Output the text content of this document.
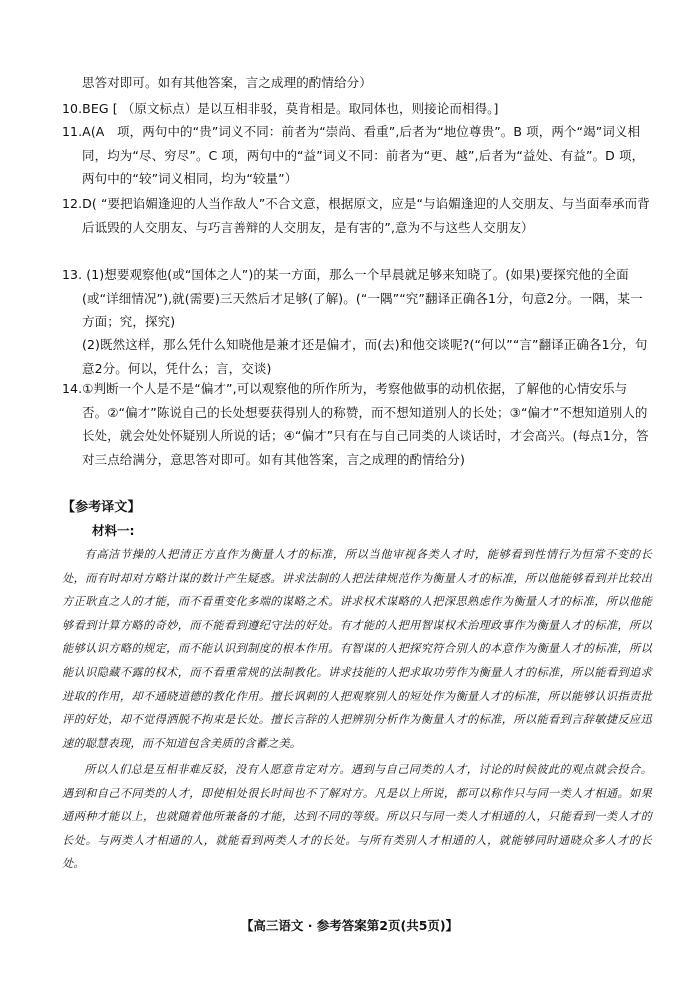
思答对即可。如有其他答案，言之成理的酌情给分）

10.BEG [ （原文标点）是以互相非驳，莫肯相是。取同体也，则接论而相得。]

11.A(A　项，两句中的“贵”词义不同：前者为“崇尚、看重”,后者为“地位尊贵”。B 项，两个“竭”词义相同，均为“尽、穷尽”。C 项，两句中的“益”词义不同：前者为“更、越”,后者为“益处、有益”。D 项，两句中的“较”词义相同，均为“较量”）

12.D( “要把谄媚逢迎的人当作敌人”不合文意，根据原文，应是“与谄媚逢迎的人交朋友、与当面奉承而背后诋毁的人交朋友、与巧言善辩的人交朋友，是有害的”,意为不与这些人交朋友）

13. (1)想要观察他(或“国体之人”)的某一方面，那么一个早晨就足够来知晓了。(如果)要探究他的全面(或“详细情况”),就(需要)三天然后才足够(了解)。(“一隅”“究”翻译正确各1分，句意2分。一隅，某一方面；究，探究)

(2)既然这样，那么凭什么知晓他是兼才还是偏才，而(去)和他交谈呢?(“何以”“言”翻译正确各1分，句意2分。何以，凭什么；言，交谈)

14.①判断一个人是不是“偏才”,可以观察他的所作所为，考察他做事的动机依据，了解他的心情安乐与否。②“偏才”陈说自己的长处想要获得别人的称赞，而不想知道别人的长处；③“偏才”不想知道别人的长处，就会处处怀疑别人所说的话；④“偏才”只有在与自己同类的人谈话时，才会高兴。(每点1分，答对三点给满分，意思答对即可。如有其他答案，言之成理的酌情给分)

【参考译文】
材料一:

有高洁节操的人把清正方直作为衡量人才的标准，所以当他审视各类人才时，能够看到性情行为恒常不变的长处，而有时却对方略计谋的数计产生疑惑。讲求法制的人把法律规范作为衡量人才的标准，所以他能够看到并比较出方正耿直之人的才能，而不看重变化多端的谋略之术。讲求权术谋略的人把深思熟虑作为衡量人才的标准，所以他能够看到计算方略的奇妙，而不能看到遵纪守法的好处。有才能的人把用智谋权术治理政事作为衡量人才的标准，所以能够认识方略的规定，而不能认识到制度的根本作用。有智谋的人把探究符合别人的本意作为衡量人才的标准，所以能认识隐藏不露的权术，而不看重常规的法制教化。讲求技能的人把求取功劳作为衡量人才的标准，所以能看到追求进取的作用，却不通晓道德的教化作用。擅长讽刺的人把观察别人的短处作为衡量人才的标准，所以能够认识指责批评的好处，却不觉得洒脱不拘束是长处。擅长言辞的人把辨别分析作为衡量人才的标准，所以能看到言辞敏捷反应迅速的聪慧表现，而不知道包含美质的含蓄之美。

所以人们总是互相非难反驳，没有人愿意肯定对方。遇到与自己同类的人才，讨论的时候彼此的观点就会投合。遇到和自己不同类的人才，即使相处很长时间也不了解对方。凡是以上所说，都可以称作只与同一类人才相通。如果通两种才能以上，也就随着他所兼备的才能，达到不同的等级。所以只与同一类人才相通的人，只能看到一类人才的长处。与两类人才相通的人，就能看到两类人才的长处。与所有类别人才相通的人，就能够同时通晓众多人才的长处。

【高三语文 · 参考答案第2页(共5页)】
